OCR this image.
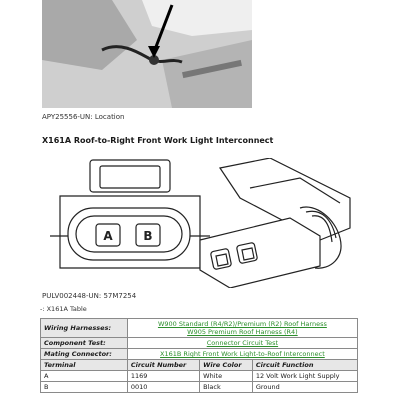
APY25556-UN: Location
X161A Roof-to-Right Front Work Light Interconnect
A	B
PULV002448-UN: 57M7254
-: X161A Table
Wiring Harnesses:	W900 Standard (R4/R2)/Premium (R2) Roof Harness
W905 Premium Roof Harness (R4)		

Component Test:	Connector Circuit Test		
Mating Connector:	X161B Right Front Work Light-to-Roof Interconnect		
Terminal	Circuit Number	Wire Color	Circuit Function
A	1169	White	12 Volt Work Light Supply
B	0010	Black	Ground
